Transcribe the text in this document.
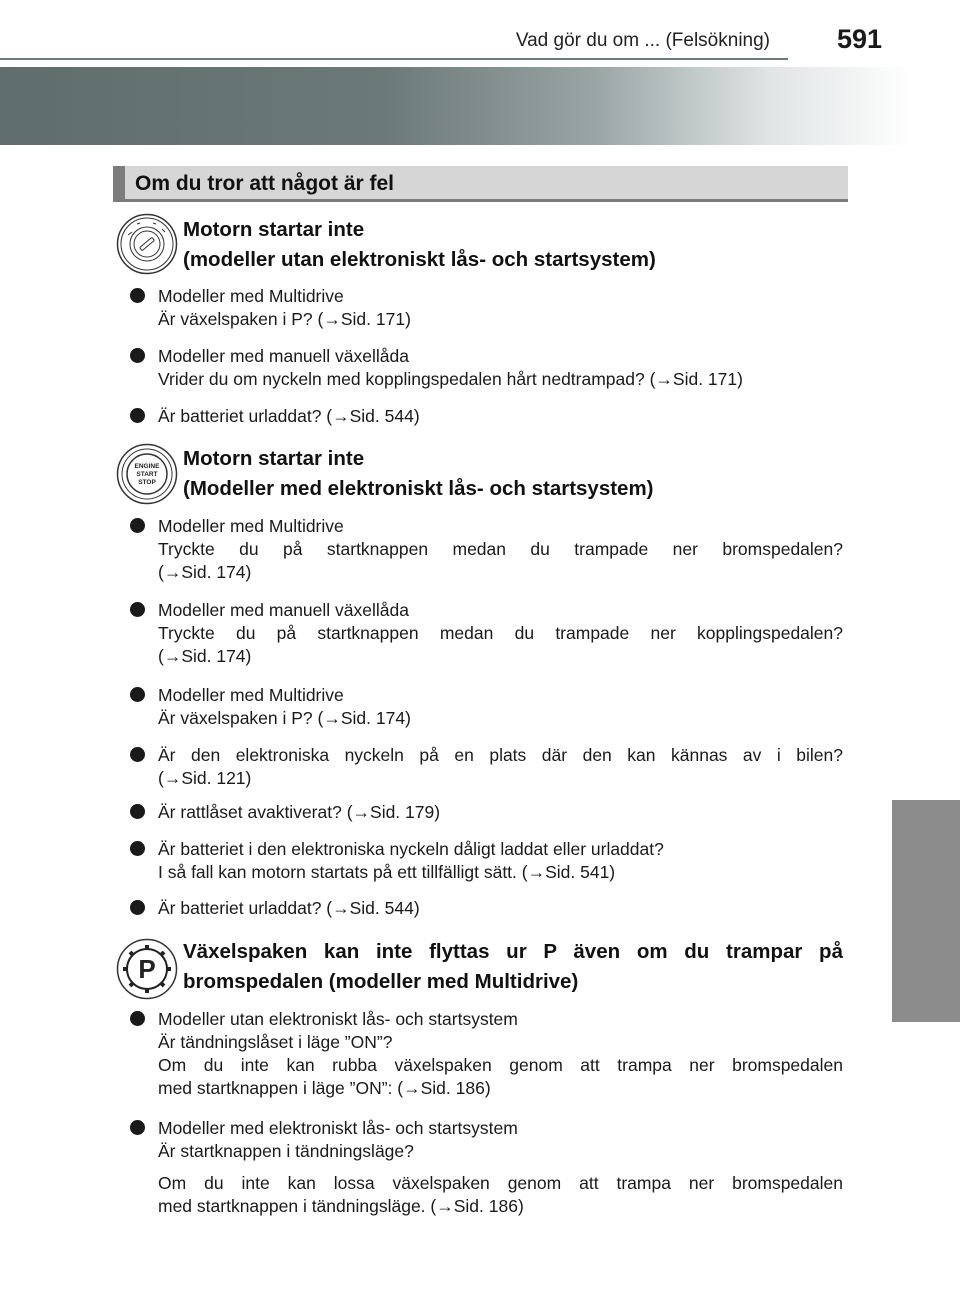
Vad gör du om ... (Felsökning) 591
Om du tror att något är fel
Motorn startar inte
(modeller utan elektroniskt lås- och startsystem)
Modeller med Multidrive
Är växelspaken i P? (→Sid. 171)
Modeller med manuell växellåda
Vrider du om nyckeln med kopplingspedalen hårt nedtrampad? (→Sid. 171)
Är batteriet urladdat? (→Sid. 544)
ENGINE
START
STOP
Motorn startar inte
(Modeller med elektroniskt lås- och startsystem)
Modeller med Multidrive
Tryckte du på startknappen medan du trampade ner bromspedalen?
(→Sid. 174)
Modeller med manuell växellåda
Tryckte du på startknappen medan du trampade ner kopplingspedalen?
(→Sid. 174)
Modeller med Multidrive
Är växelspaken i P? (→Sid. 174)
Är den elektroniska nyckeln på en plats där den kan kännas av i bilen?
(→Sid. 121)
Är rattlåset avaktiverat? (→Sid. 179)
Är batteriet i den elektroniska nyckeln dåligt laddat eller urladdat?
I så fall kan motorn startats på ett tillfälligt sätt. (→Sid. 541)
Är batteriet urladdat? (→Sid. 544)
P
Växelspaken kan inte flyttas ur P även om du trampar på
bromspedalen (modeller med Multidrive)
Modeller utan elektroniskt lås- och startsystem
Är tändningslåset i läge ”ON”?
Om du inte kan rubba växelspaken genom att trampa ner bromspedalen
med startknappen i läge ”ON”: (→Sid. 186)
Modeller med elektroniskt lås- och startsystem
Är startknappen i tändningsläge?
Om du inte kan lossa växelspaken genom att trampa ner bromspedalen
med startknappen i tändningsläge. (→Sid. 186)
